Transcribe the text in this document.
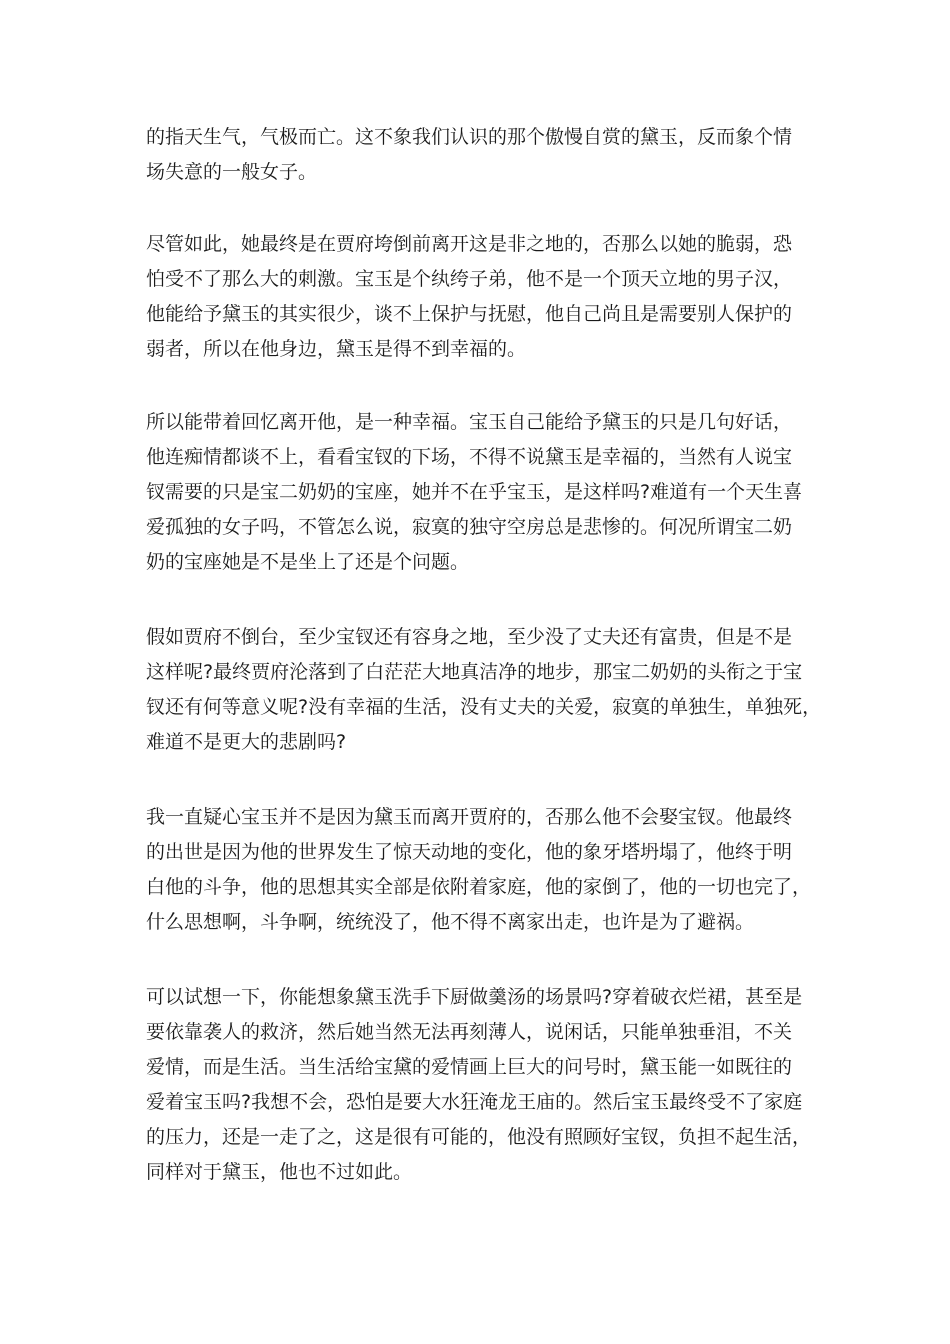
的指天生气，气极而亡。这不象我们认识的那个傲慢自赏的黛玉，反而象个情
场失意的一般女子。
尽管如此，她最终是在贾府垮倒前离开这是非之地的，否那么以她的脆弱，恐
怕受不了那么大的刺激。宝玉是个纨绔子弟，他不是一个顶天立地的男子汉，
他能给予黛玉的其实很少，谈不上保护与抚慰，他自己尚且是需要别人保护的
弱者，所以在他身边，黛玉是得不到幸福的。
所以能带着回忆离开他，是一种幸福。宝玉自己能给予黛玉的只是几句好话，
他连痴情都谈不上，看看宝钗的下场，不得不说黛玉是幸福的，当然有人说宝
钗需要的只是宝二奶奶的宝座，她并不在乎宝玉，是这样吗?难道有一个天生喜
爱孤独的女子吗，不管怎么说，寂寞的独守空房总是悲惨的。何况所谓宝二奶
奶的宝座她是不是坐上了还是个问题。
假如贾府不倒台，至少宝钗还有容身之地，至少没了丈夫还有富贵，但是不是
这样呢?最终贾府沦落到了白茫茫大地真洁净的地步，那宝二奶奶的头衔之于宝
钗还有何等意义呢?没有幸福的生活，没有丈夫的关爱，寂寞的单独生，单独死，
难道不是更大的悲剧吗?
我一直疑心宝玉并不是因为黛玉而离开贾府的，否那么他不会娶宝钗。他最终
的出世是因为他的世界发生了惊天动地的变化，他的象牙塔坍塌了，他终于明
白他的斗争，他的思想其实全部是依附着家庭，他的家倒了，他的一切也完了，
什么思想啊，斗争啊，统统没了，他不得不离家出走，也许是为了避祸。
可以试想一下，你能想象黛玉洗手下厨做羹汤的场景吗?穿着破衣烂裙，甚至是
要依靠袭人的救济，然后她当然无法再刻薄人，说闲话，只能单独垂泪，不关
爱情，而是生活。当生活给宝黛的爱情画上巨大的问号时，黛玉能一如既往的
爱着宝玉吗?我想不会，恐怕是要大水狂淹龙王庙的。然后宝玉最终受不了家庭
的压力，还是一走了之，这是很有可能的，他没有照顾好宝钗，负担不起生活，
同样对于黛玉，他也不过如此。
